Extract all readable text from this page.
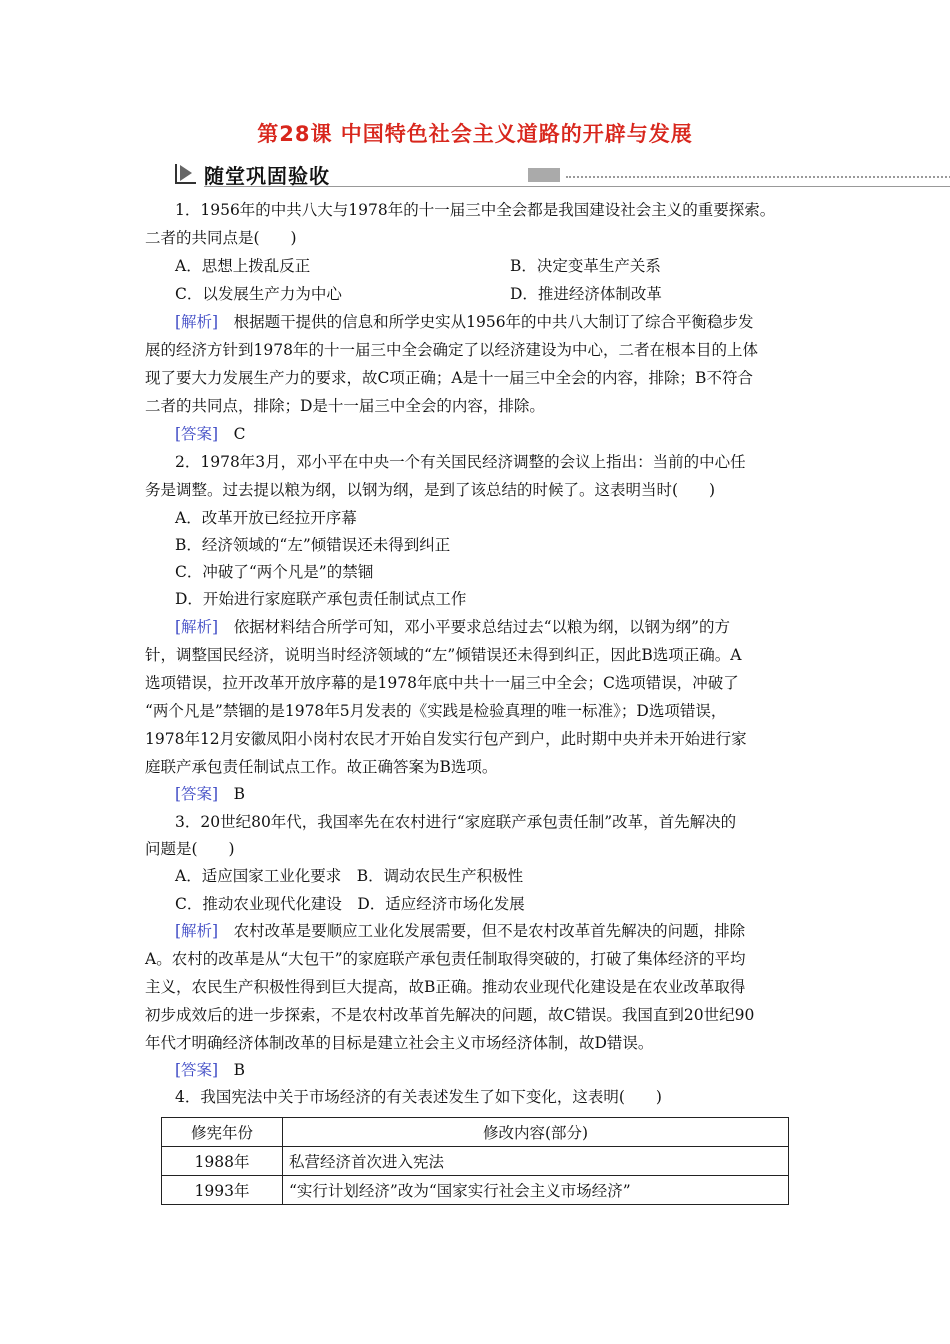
第28课 中国特色社会主义道路的开辟与发展
随堂巩固验收
1．1956年的中共八大与1978年的十一届三中全会都是我国建设社会主义的重要探索。
二者的共同点是(　　)
A．思想上拨乱反正	B．决定变革生产关系
C．以发展生产力为中心	D．推进经济体制改革
[解析]　根据题干提供的信息和所学史实从1956年的中共八大制订了综合平衡稳步发
展的经济方针到1978年的十一届三中全会确定了以经济建设为中心，二者在根本目的上体
现了要大力发展生产力的要求，故C项正确；A是十一届三中全会的内容，排除；B不符合
二者的共同点，排除；D是十一届三中全会的内容，排除。
[答案]　C
2．1978年3月，邓小平在中央一个有关国民经济调整的会议上指出：当前的中心任
务是调整。过去提以粮为纲，以钢为纲，是到了该总结的时候了。这表明当时(　　)
A．改革开放已经拉开序幕
B．经济领域的“左”倾错误还未得到纠正
C．冲破了“两个凡是”的禁锢
D．开始进行家庭联产承包责任制试点工作
[解析]　依据材料结合所学可知，邓小平要求总结过去“以粮为纲，以钢为纲”的方
针，调整国民经济，说明当时经济领域的“左”倾错误还未得到纠正，因此B选项正确。A
选项错误，拉开改革开放序幕的是1978年底中共十一届三中全会；C选项错误，冲破了
“两个凡是”禁锢的是1978年5月发表的《实践是检验真理的唯一标准》；D选项错误，
1978年12月安徽凤阳小岗村农民才开始自发实行包产到户，此时期中央并未开始进行家
庭联产承包责任制试点工作。故正确答案为B选项。
[答案]　B
3．20世纪80年代，我国率先在农村进行“家庭联产承包责任制”改革，首先解决的
问题是(　　)
A．适应国家工业化要求　B．调动农民生产积极性
C．推动农业现代化建设　D．适应经济市场化发展
[解析]　农村改革是要顺应工业化发展需要，但不是农村改革首先解决的问题，排除
A。农村的改革是从“大包干”的家庭联产承包责任制取得突破的，打破了集体经济的平均
主义，农民生产积极性得到巨大提高，故B正确。推动农业现代化建设是在农业改革取得
初步成效后的进一步探索，不是农村改革首先解决的问题，故C错误。我国直到20世纪90
年代才明确经济体制改革的目标是建立社会主义市场经济体制，故D错误。
[答案]　B
4．我国宪法中关于市场经济的有关表述发生了如下变化，这表明(　　)
修宪年份	修改内容(部分)
1988年	私营经济首次进入宪法
1993年	“实行计划经济”改为“国家实行社会主义市场经济”
